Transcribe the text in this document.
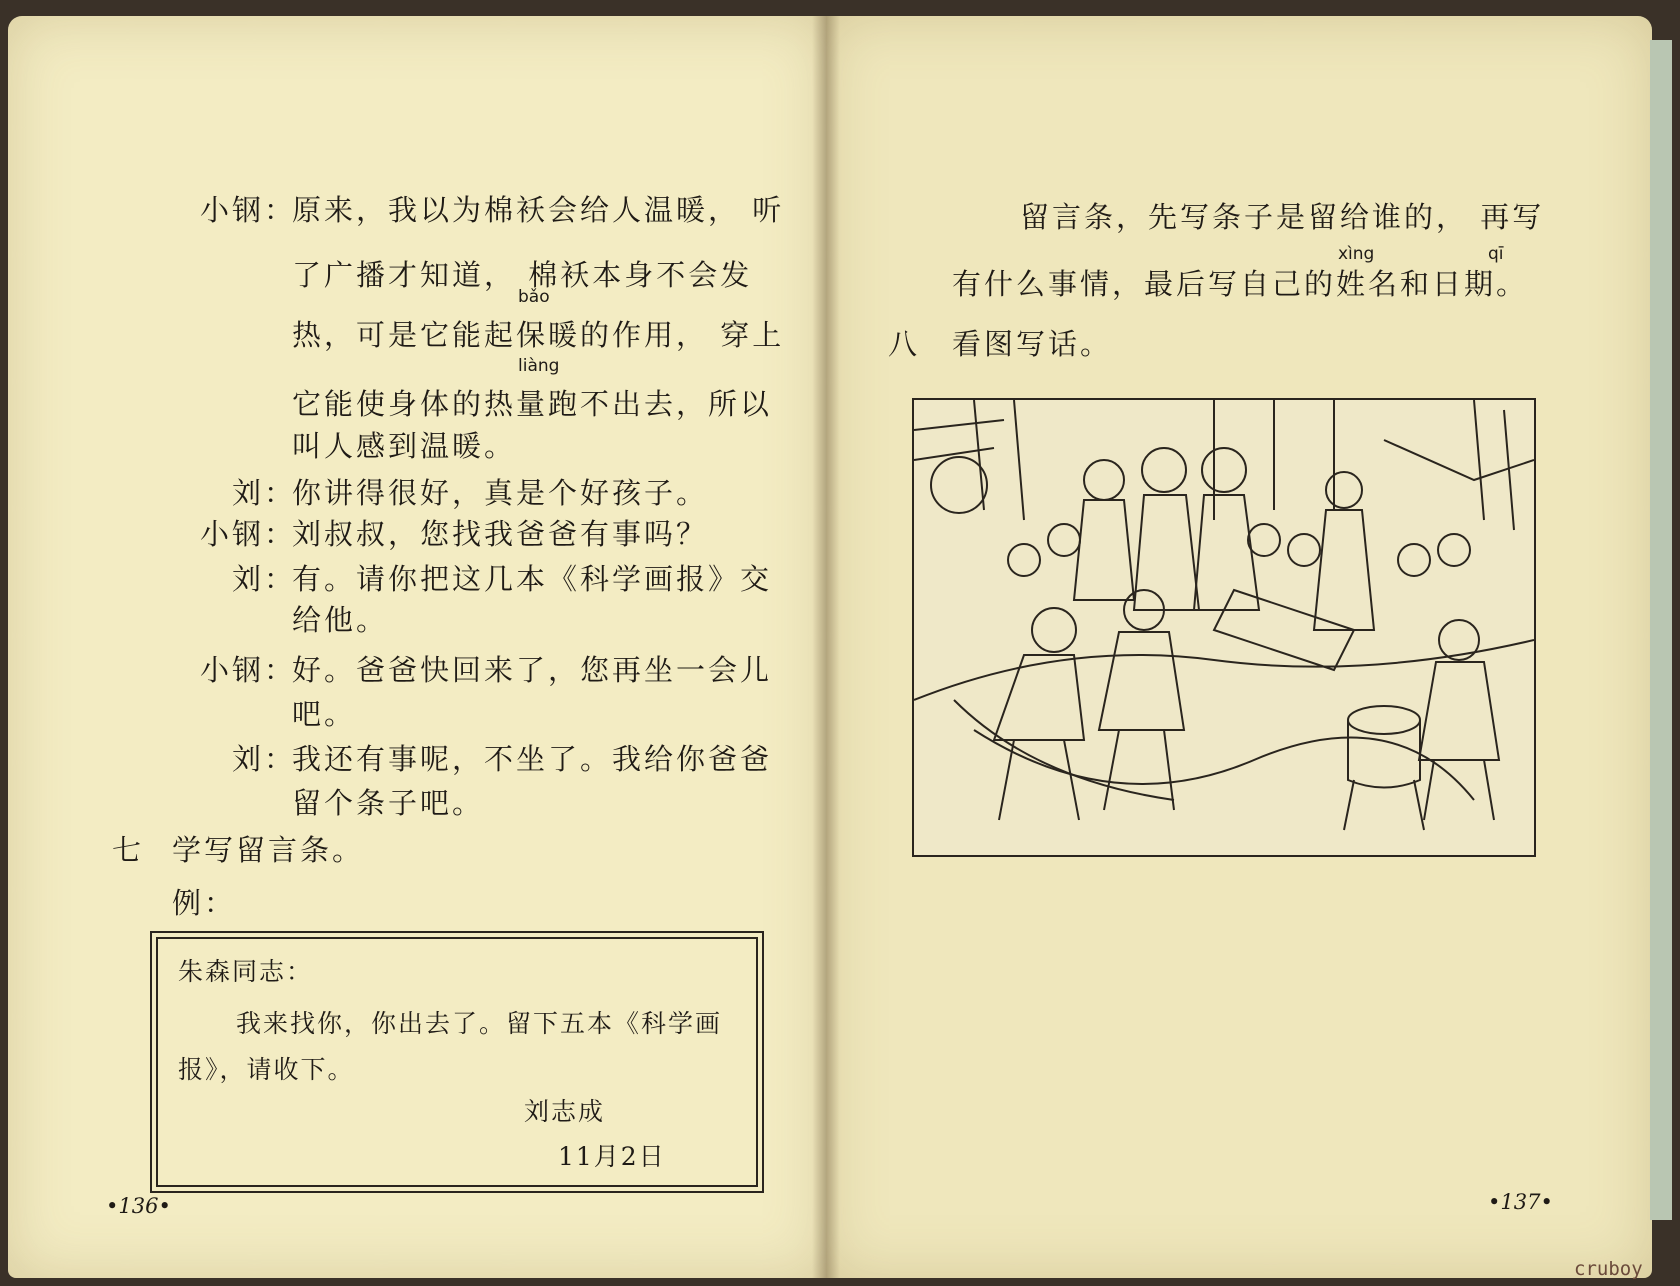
小钢：
原来，我以为棉袄会给人温暖， 听
了广播才知道， 棉袄本身不会发
bǎo
热，可是它能起保暖的作用， 穿上
liàng
它能使身体的热量跑不出去，所以
叫人感到温暖。
刘：
你讲得很好，真是个好孩子。
小钢：
刘叔叔，您找我爸爸有事吗？
刘：
有。请你把这几本《科学画报》交
给他。
小钢：
好。爸爸快回来了，您再坐一会儿
吧。
刘：
我还有事呢，不坐了。我给你爸爸
留个条子吧。
七 学写留言条。
例：
朱森同志：
我来找你，你出去了。留下五本《科学画
报》，请收下。
刘志成
11月2日
•136•
留言条，先写条子是留给谁的， 再写
xìng	qī
有什么事情，最后写自己的姓名和日期。
八 看图写话。
•137•
cruboy
